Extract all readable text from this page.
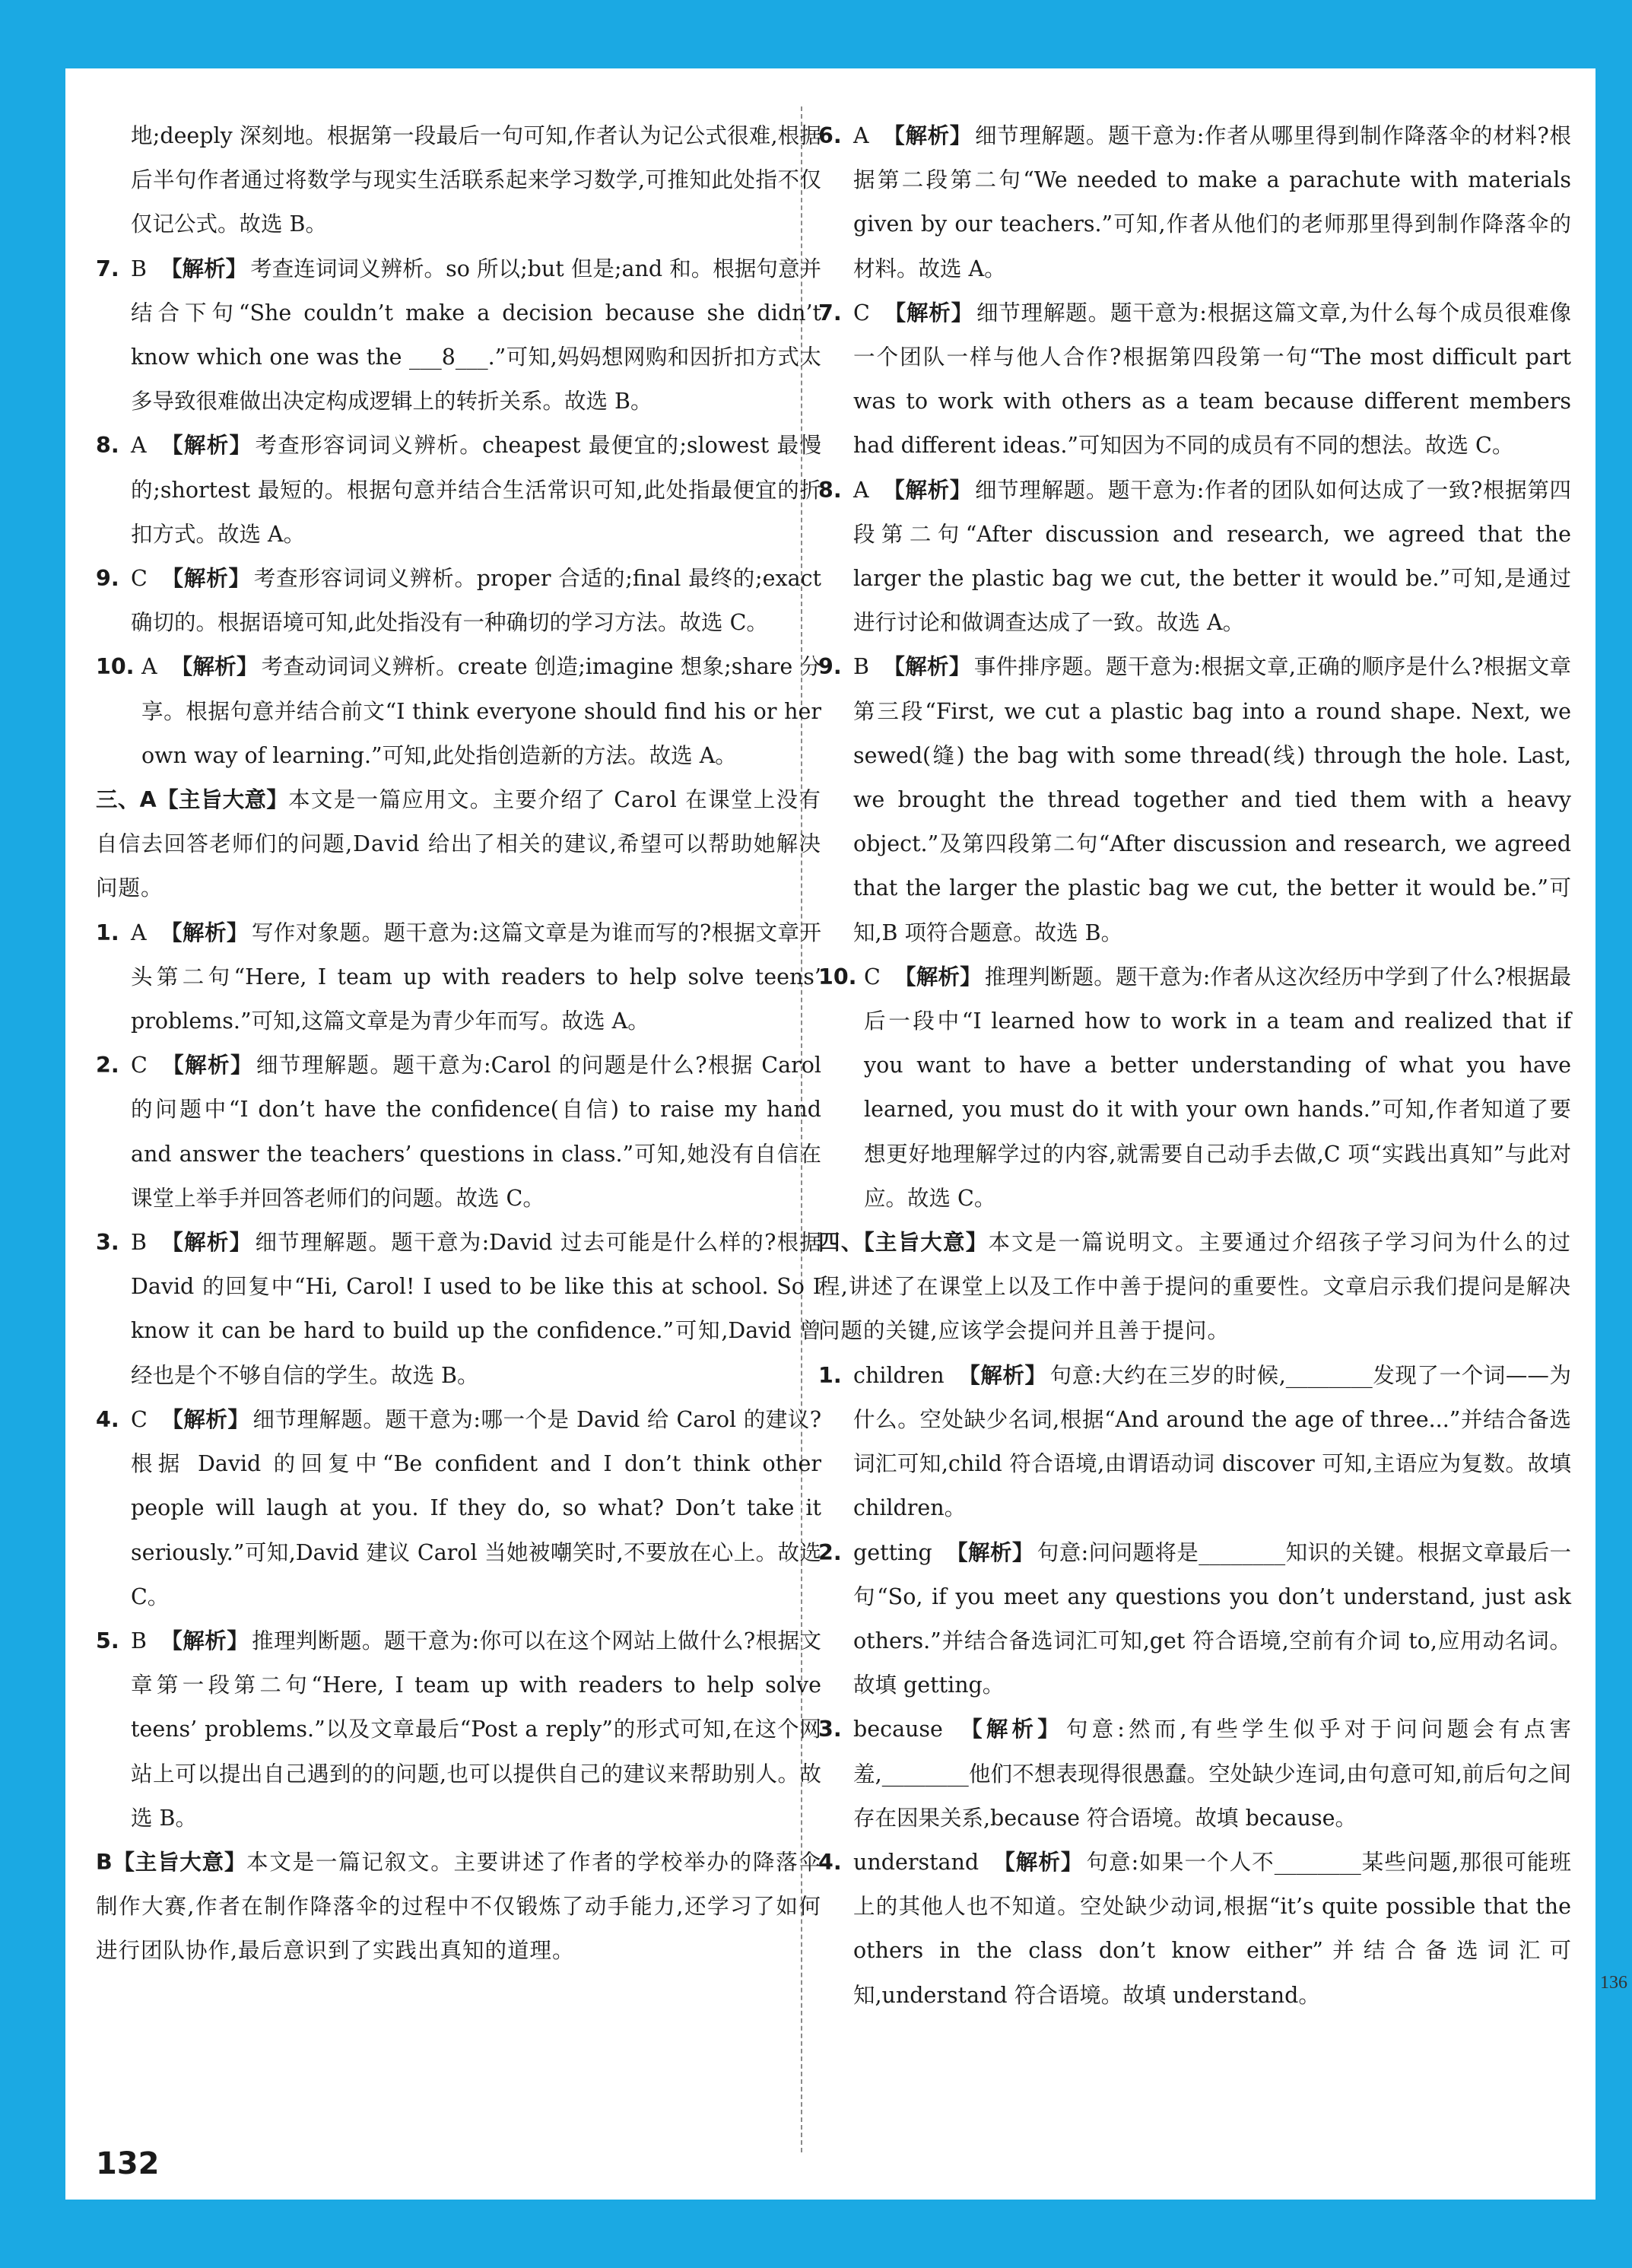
地;deeply 深刻地。根据第一段最后一句可知,作者认为记公式很难,根据后半句作者通过将数学与现实生活联系起来学习数学,可推知此处指不仅仅记公式。故选 B。

7. B 【解析】 考查连词词义辨析。so 所以;but 但是;and 和。根据句意并结合下句“She couldn’t make a decision because she didn’t know which one was the ___8___.”可知,妈妈想网购和因折扣方式太多导致很难做出决定构成逻辑上的转折关系。故选 B。

8. A 【解析】 考查形容词词义辨析。cheapest 最便宜的;slowest 最慢的;shortest 最短的。根据句意并结合生活常识可知,此处指最便宜的折扣方式。故选 A。

9. C 【解析】 考查形容词词义辨析。proper 合适的;final 最终的;exact 确切的。根据语境可知,此处指没有一种确切的学习方法。故选 C。

10. A 【解析】 考查动词词义辨析。create 创造;imagine 想象;share 分享。根据句意并结合前文“I think everyone should find his or her own way of learning.”可知,此处指创造新的方法。故选 A。

三、A【主旨大意】本文是一篇应用文。主要介绍了 Carol 在课堂上没有自信去回答老师们的问题,David 给出了相关的建议,希望可以帮助她解决问题。

1. A 【解析】 写作对象题。题干意为:这篇文章是为谁而写的?根据文章开头第二句“Here, I team up with readers to help solve teens’ problems.”可知,这篇文章是为青少年而写。故选 A。

2. C 【解析】 细节理解题。题干意为:Carol 的问题是什么?根据 Carol 的问题中“I don’t have the confidence(自信) to raise my hand and answer the teachers’ questions in class.”可知,她没有自信在课堂上举手并回答老师们的问题。故选 C。

3. B 【解析】 细节理解题。题干意为:David 过去可能是什么样的?根据 David 的回复中“Hi, Carol! I used to be like this at school. So I know it can be hard to build up the confidence.”可知,David 曾经也是个不够自信的学生。故选 B。

4. C 【解析】 细节理解题。题干意为:哪一个是 David 给 Carol 的建议?根据 David 的回复中“Be confident and I don’t think other people will laugh at you. If they do, so what? Don’t take it seriously.”可知,David 建议 Carol 当她被嘲笑时,不要放在心上。故选 C。

5. B 【解析】 推理判断题。题干意为:你可以在这个网站上做什么?根据文章第一段第二句“Here, I team up with readers to help solve teens’ problems.”以及文章最后“Post a reply”的形式可知,在这个网站上可以提出自己遇到的的问题,也可以提供自己的建议来帮助别人。故选 B。

B【主旨大意】本文是一篇记叙文。主要讲述了作者的学校举办的降落伞制作大赛,作者在制作降落伞的过程中不仅锻炼了动手能力,还学习了如何进行团队协作,最后意识到了实践出真知的道理。

6. A 【解析】 细节理解题。题干意为:作者从哪里得到制作降落伞的材料?根据第二段第二句“We needed to make a parachute with materials given by our teachers.”可知,作者从他们的老师那里得到制作降落伞的材料。故选 A。

7. C 【解析】 细节理解题。题干意为:根据这篇文章,为什么每个成员很难像一个团队一样与他人合作?根据第四段第一句“The most difficult part was to work with others as a team because different members had different ideas.”可知因为不同的成员有不同的想法。故选 C。

8. A 【解析】 细节理解题。题干意为:作者的团队如何达成了一致?根据第四段第二句“After discussion and research, we agreed that the larger the plastic bag we cut, the better it would be.”可知,是通过进行讨论和做调查达成了一致。故选 A。

9. B 【解析】 事件排序题。题干意为:根据文章,正确的顺序是什么?根据文章第三段“First, we cut a plastic bag into a round shape. Next, we sewed(缝) the bag with some thread(线) through the hole. Last, we brought the thread together and tied them with a heavy object.”及第四段第二句“After discussion and research, we agreed that the larger the plastic bag we cut, the better it would be.”可知,B 项符合题意。故选 B。

10. C 【解析】 推理判断题。题干意为:作者从这次经历中学到了什么?根据最后一段中“I learned how to work in a team and realized that if you want to have a better understanding of what you have learned, you must do it with your own hands.”可知,作者知道了要想更好地理解学过的内容,就需要自己动手去做,C 项“实践出真知”与此对应。故选 C。

四、【主旨大意】本文是一篇说明文。主要通过介绍孩子学习问为什么的过程,讲述了在课堂上以及工作中善于提问的重要性。文章启示我们提问是解决问题的关键,应该学会提问并且善于提问。

1. children 【解析】 句意:大约在三岁的时候,________发现了一个词——为什么。空处缺少名词,根据“And around the age of three...”并结合备选词汇可知,child 符合语境,由谓语动词 discover 可知,主语应为复数。故填 children。

2. getting 【解析】 句意:问问题将是________知识的关键。根据文章最后一句“So, if you meet any questions you don’t understand, just ask others.”并结合备选词汇可知,get 符合语境,空前有介词 to,应用动名词。故填 getting。

3. because 【解析】 句意:然而,有些学生似乎对于问问题会有点害羞,________他们不想表现得很愚蠢。空处缺少连词,由句意可知,前后句之间存在因果关系,because 符合语境。故填 because。

4. understand 【解析】 句意:如果一个人不________某些问题,那很可能班上的其他人也不知道。空处缺少动词,根据“it’s quite possible that the others in the class don’t know either”并结合备选词汇可知,understand 符合语境。故填 understand。

132
136
